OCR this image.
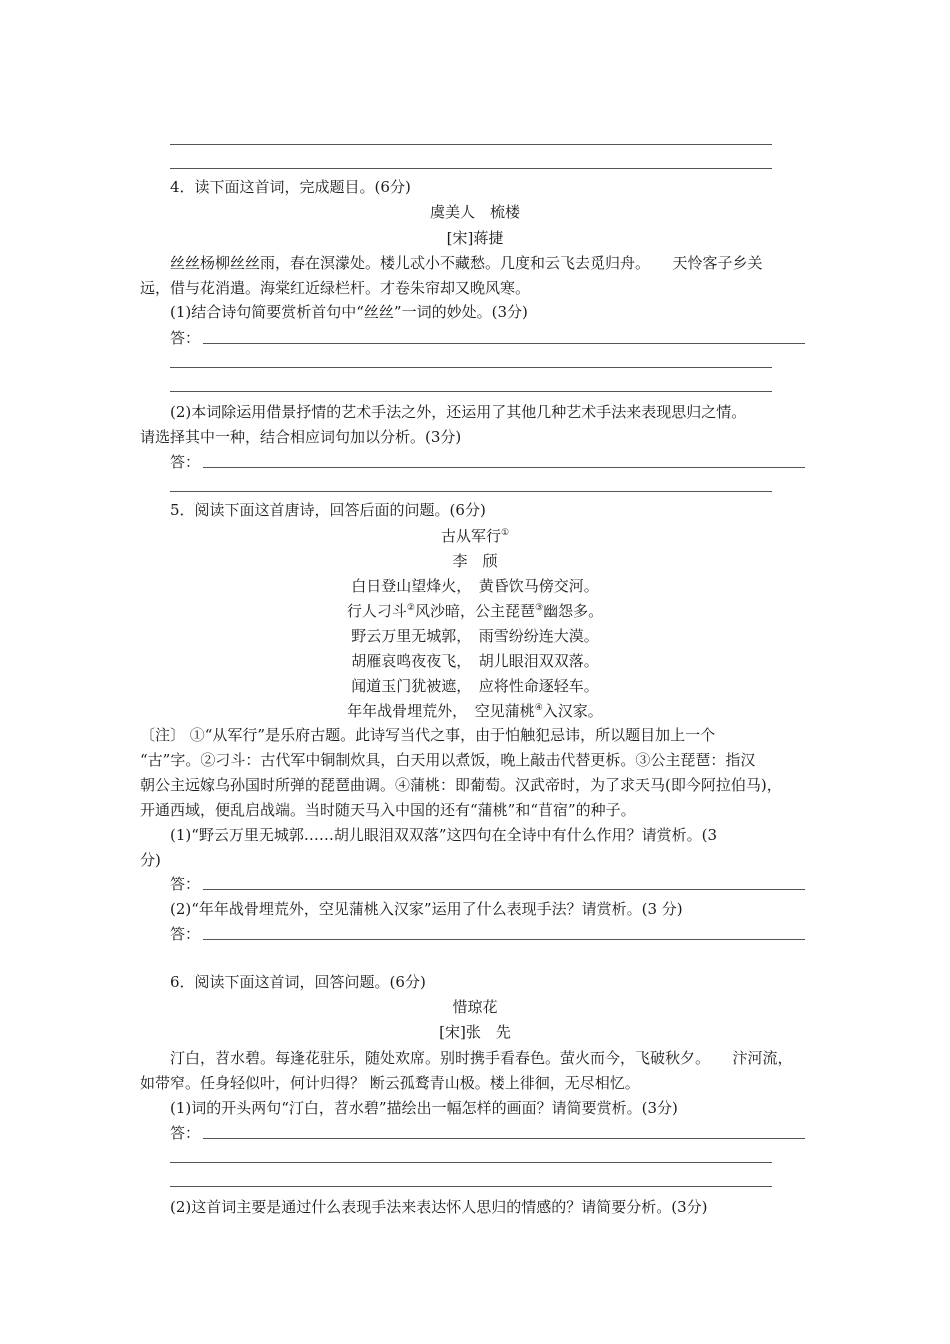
4．读下面这首词，完成题目。(6分)
虞美人　梳楼
[宋]蒋捷
丝丝杨柳丝丝雨，春在溟濛处。楼儿忒小不藏愁。几度和云飞去觅归舟。　　天怜客子乡关
远，借与花消遣。海棠红近绿栏杆。才卷朱帘却又晚风寒。
(1)结合诗句简要赏析首句中“丝丝”一词的妙处。(3分)
答：
(2)本词除运用借景抒情的艺术手法之外，还运用了其他几种艺术手法来表现思归之情。
请选择其中一种，结合相应词句加以分析。(3分)
答：
5．阅读下面这首唐诗，回答后面的问题。(6分)
古从军行①
李　颀
白日登山望烽火，　 黄昏饮马傍交河。
行人刁斗②风沙暗，公主琵琶③幽怨多。
野云万里无城郭，　 雨雪纷纷连大漠。
胡雁哀鸣夜夜飞，　 胡儿眼泪双双落。
闻道玉门犹被遮，　 应将性命逐轻车。
年年战骨埋荒外，　 空见蒲桃④入汉家。
〔注〕 ①“从军行”是乐府古题。此诗写当代之事，由于怕触犯忌讳，所以题目加上一个
“古”字。②刁斗：古代军中铜制炊具，白天用以煮饭，晚上敲击代替更柝。③公主琵琶：指汉
朝公主远嫁乌孙国时所弹的琵琶曲调。④蒲桃：即葡萄。汉武帝时，为了求天马(即今阿拉伯马)，
开通西域，便乱启战端。当时随天马入中国的还有“蒲桃”和“苜宿”的种子。
(1)“野云万里无城郭……胡儿眼泪双双落”这四句在全诗中有什么作用？请赏析。(3
分)
答：
(2)“年年战骨埋荒外，空见蒲桃入汉家”运用了什么表现手法？请赏析。(3 分)
答：
6．阅读下面这首词，回答问题。(6分)
惜琼花
[宋]张　先
汀白，苕水碧。每逢花驻乐，随处欢席。别时携手看春色。萤火而今，飞破秋夕。　　汴河流，
如带窄。任身轻似叶，何计归得？ 断云孤鹜青山极。楼上徘徊，无尽相忆。
(1)词的开头两句“汀白，苕水碧”描绘出一幅怎样的画面？请简要赏析。(3分)
答：
(2)这首词主要是通过什么表现手法来表达怀人思归的情感的？请简要分析。(3分)
